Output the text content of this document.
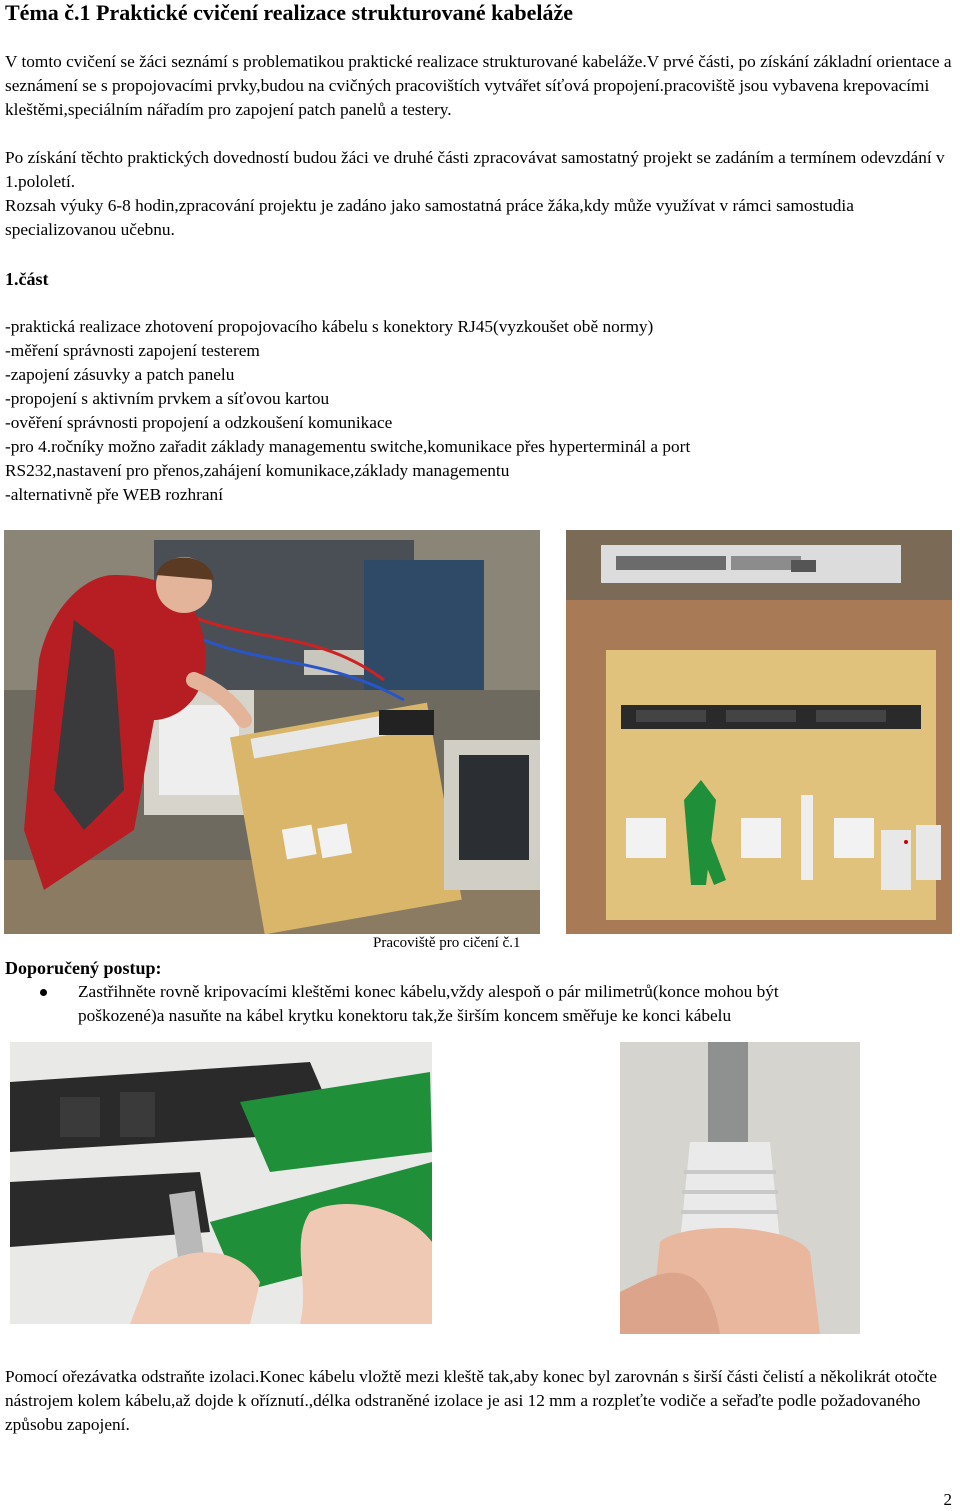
Téma č.1 Praktické cvičení realizace strukturované kabeláže

V tomto cvičení se žáci seznámí s problematikou praktické realizace strukturované kabeláže.V prvé části, po získání základní orientace a seznámení se s propojovacími prvky,budou na cvičných pracovištích vytvářet síťová propojení.pracoviště jsou vybavena krepovacími kleštěmi,speciálním nářadím pro zapojení patch panelů a testery.

Po získání těchto praktických dovedností budou žáci ve druhé části zpracovávat samostatný projekt se zadáním a termínem odevzdání v 1.pololetí.

Rozsah výuky 6-8 hodin,zpracování projektu je zadáno jako samostatná práce žáka,kdy může využívat v rámci samostudia specializovanou učebnu.

1.část
-praktická realizace zhotovení propojovacího kábelu s konektory RJ45(vyzkoušet obě normy)
-měření správnosti zapojení testerem
-zapojení zásuvky a patch panelu
-propojení s aktivním prvkem a síťovou kartou
-ověření správnosti propojení a odzkoušení komunikace
-pro 4.ročníky možno zařadit základy managementu switche,komunikace přes hyperterminál a port
RS232,nastavení pro přenos,zahájení komunikace,základy managementu
-alternativně pře WEB rozhraní
Pracoviště pro cičení č.1
Doporučený postup:
Zastřihněte rovně kripovacími kleštěmi konec kábelu,vždy alespoň o pár milimetrů(konce mohou být
poškozené)a nasuňte na kábel krytku konektoru tak,že širším koncem směřuje ke konci kábelu
Pomocí ořezávatka odstraňte izolaci.Konec kábelu vložtě mezi kleště tak,aby konec byl zarovnán s širší části čelistí a několikrát otočte nástrojem kolem kábelu,až dojde k oříznutí.,délka odstraněné izolace je asi 12 mm a rozpleťte vodiče a seřaďte podle požadovaného způsobu zapojení.
2
